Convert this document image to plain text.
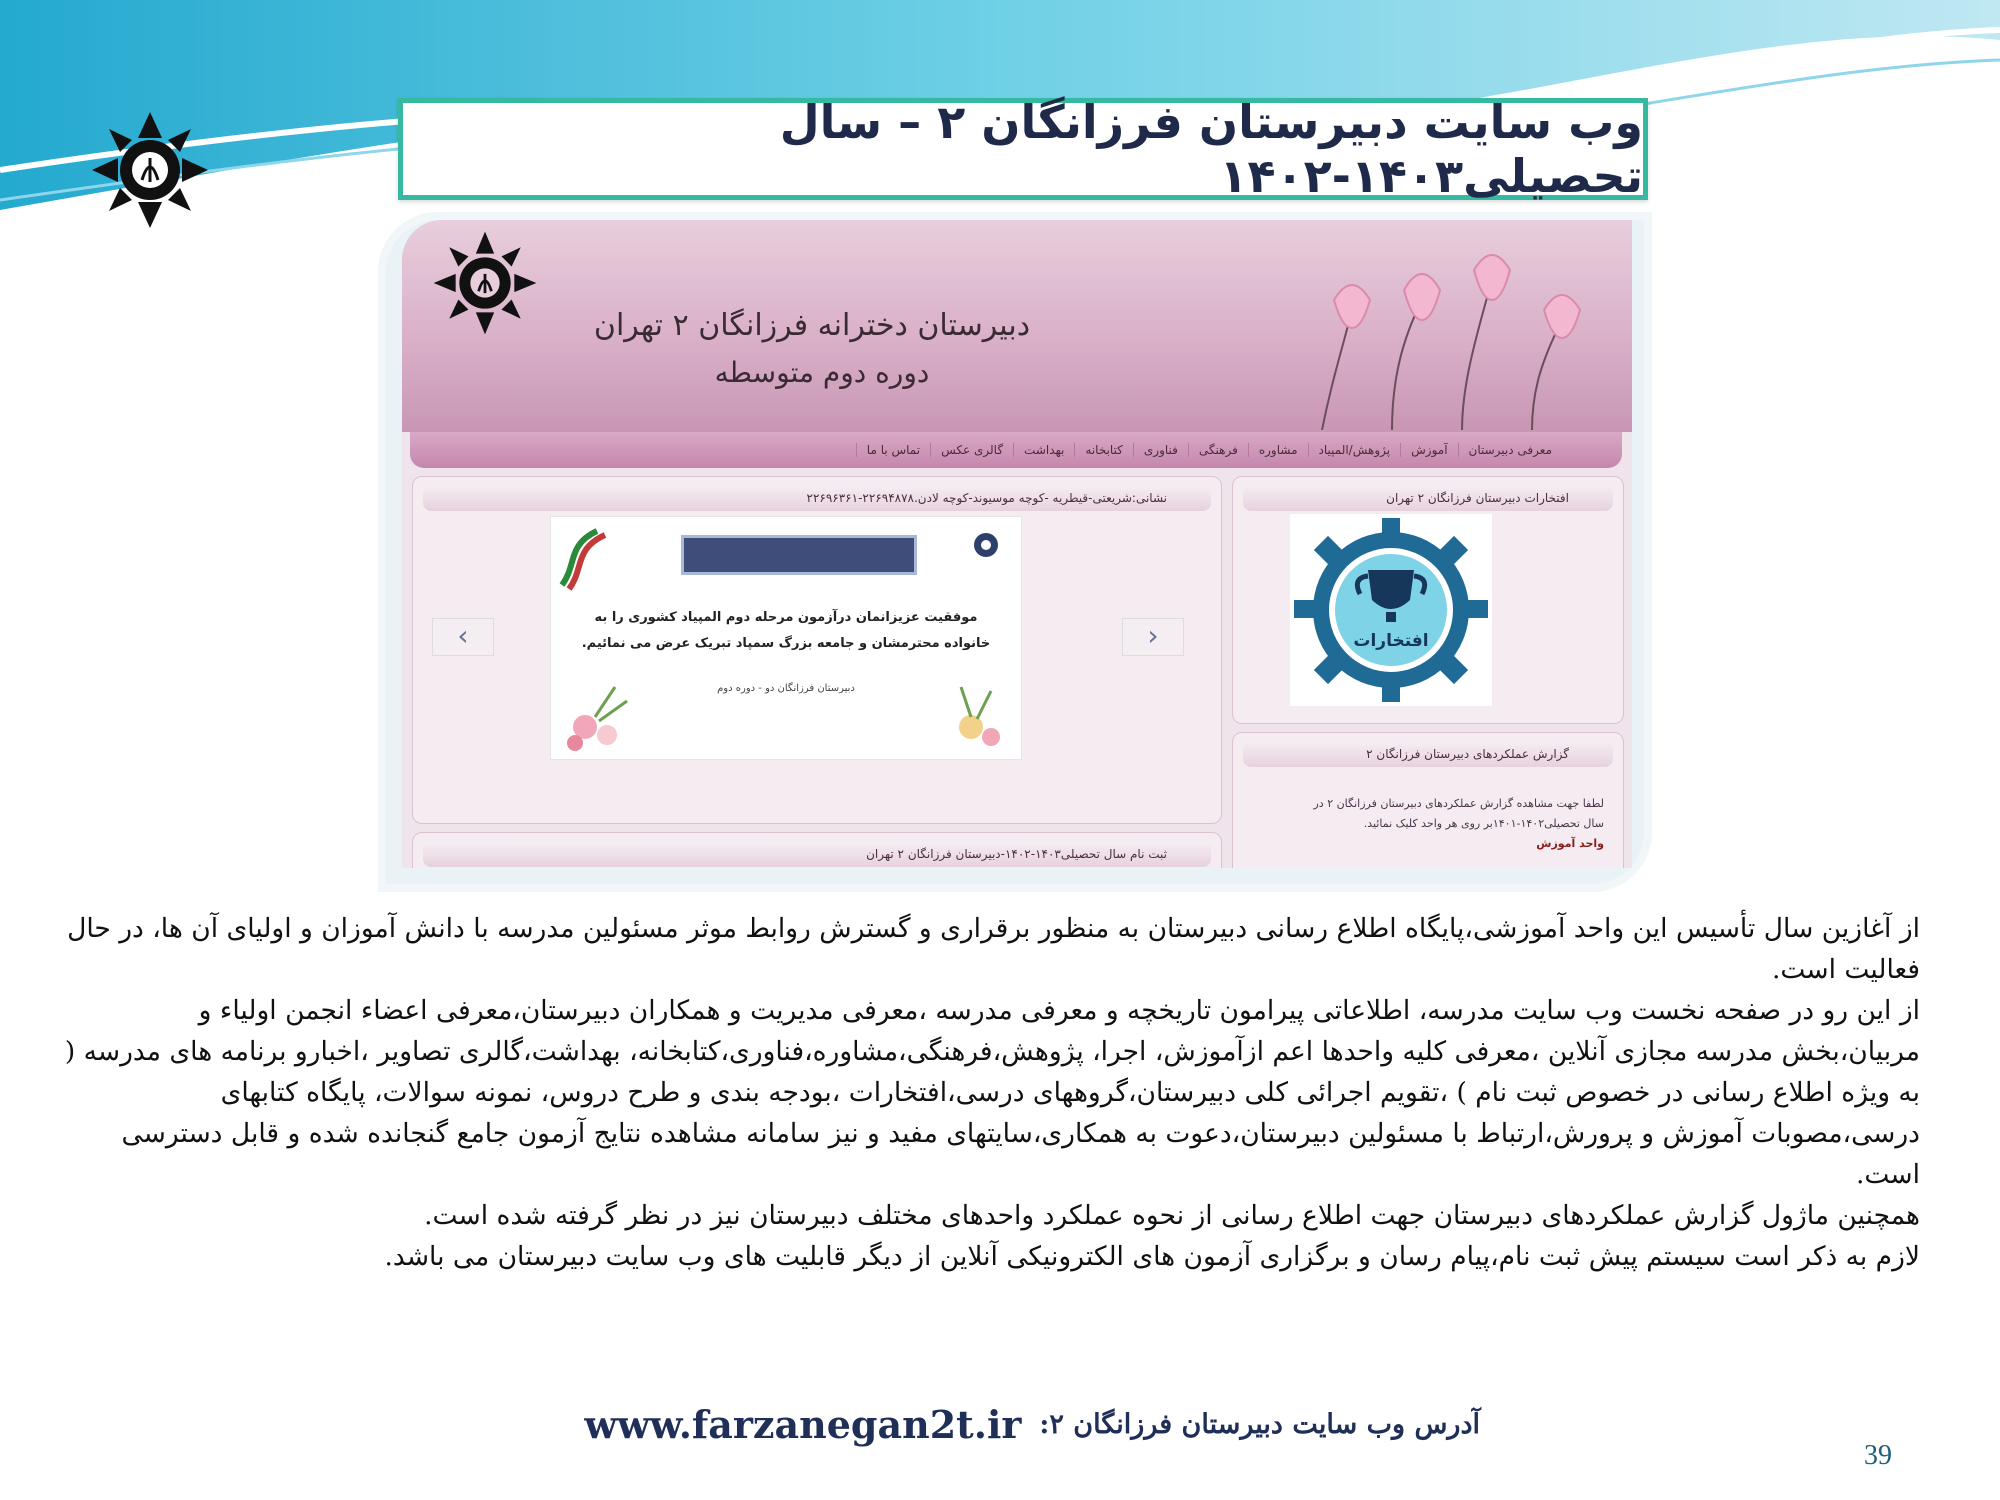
وب سایت دبیرستان فرزانگان ۲ – سال تحصیلی۱۴۰۳-۱۴۰۲
دبیرستان دخترانه فرزانگان ۲ تهران
دوره دوم متوسطه
معرفی دبیرستان
آموزش
پژوهش/المپیاد
مشاوره
فرهنگی
فناوری
کتابخانه
بهداشت
گالری عکس
تماس با ما
نشانی:شریعتی-قیطریه -کوچه موسیوند-کوچه لادن.۲۲۶۹۴۸۷۸-۲۲۶۹۶۳۶۱
موفقیت عزیزانمان درآزمون مرحله دوم المپیاد کشوری را به خانواده محترمشان و جامعه بزرگ سمپاد تبریک عرض می نمائیم.
دبیرستان فرزانگان دو - دوره دوم
‹	›
ثبت نام سال تحصیلی۱۴۰۳-۱۴۰۲-دبیرستان فرزانگان ۲ تهران
افتخارات دبیرستان فرزانگان ۲ تهران
افتخارات
گزارش عملکردهای دبیرستان فرزانگان ۲
لطفا جهت مشاهده گزارش عملکردهای دبیرستان فرزانگان ۲ در سال تحصیلی۱۴۰۲-۱۴۰۱بر روی هر واحد کلیک نمائید.
واحد آموزش

از آغازین سال تأسیس این واحد آموزشی،پایگاه اطلاع رسانی دبیرستان به منظور برقراری و گسترش روابط موثر مسئولین مدرسه با دانش آموزان و اولیای آن ها، در حال فعالیت است.

از این رو در صفحه نخست وب سایت مدرسه، اطلاعاتی پیرامون تاریخچه و معرفی مدرسه ،معرفی مدیریت و همکاران دبیرستان،معرفی اعضاء انجمن اولیاء و مربیان،بخش مدرسه مجازی آنلاین ،معرفی کلیه واحدها اعم ازآموزش، اجرا، پژوهش،فرهنگی،مشاوره،فناوری،کتابخانه، بهداشت،گالری تصاویر ،اخبارو برنامه های مدرسه ( به ویژه اطلاع رسانی در خصوص ثبت نام ) ،تقویم اجرائی کلی دبیرستان،گروههای درسی،افتخارات ،بودجه بندی و طرح دروس، نمونه سوالات، پایگاه کتابهای درسی،مصوبات آموزش و پرورش،ارتباط با مسئولین دبیرستان،دعوت به همکاری،سایتهای مفید و نیز سامانه مشاهده نتایج آزمون جامع گنجانده شده و قابل دسترسی است.

همچنین ماژول گزارش عملکردهای دبیرستان جهت اطلاع رسانی از نحوه عملکرد واحدهای مختلف دبیرستان نیز در نظر گرفته شده است.

لازم به ذکر است سیستم پیش ثبت نام،پیام رسان و برگزاری آزمون های الکترونیکی آنلاین از دیگر قابلیت های وب سایت دبیرستان می باشد.

آدرس وب سایت دبیرستان فرزانگان ۲:
www.farzanegan2t.ir
39
